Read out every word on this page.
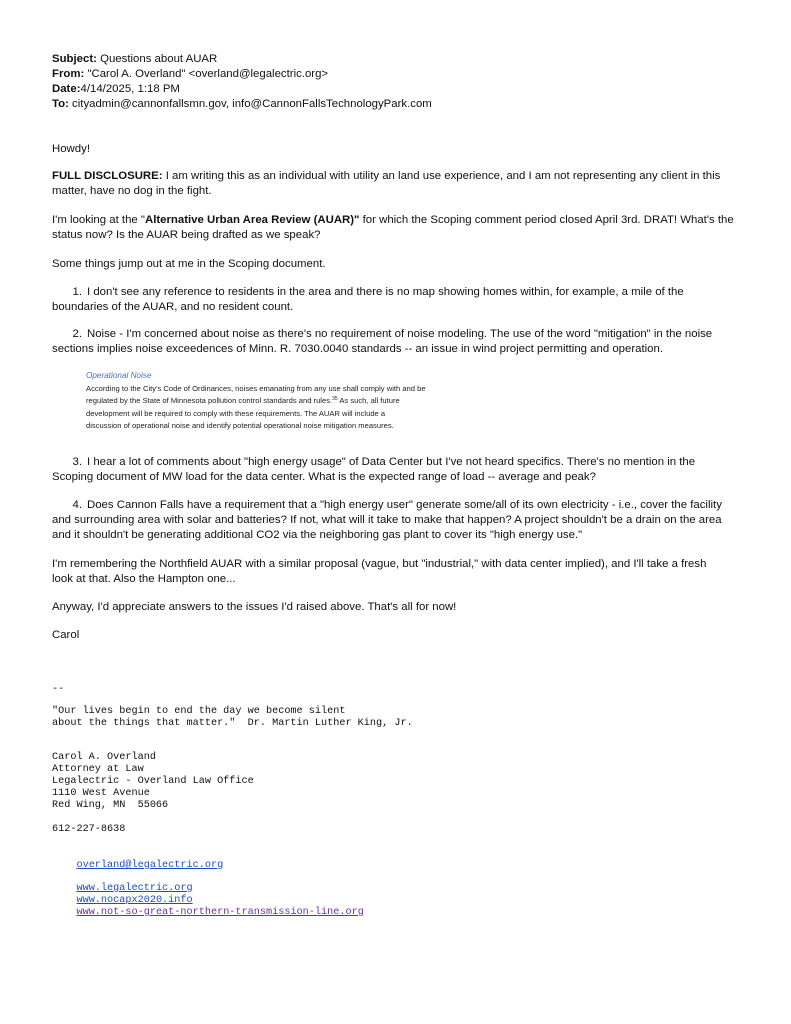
Subject: Questions about AUAR
From: "Carol A. Overland" <overland@legalectric.org>
Date:4/14/2025, 1:18 PM
To: cityadmin@cannonfallsmn.gov, info@CannonFallsTechnologyPark.com
Howdy!
FULL DISCLOSURE: I am writing this as an individual with utility an land use experience, and I am not representing any client in this
matter, have no dog in the fight.
I'm looking at the "Alternative Urban Area Review (AUAR)" for which the Scoping comment period closed April 3rd. DRAT! What's the
status now? Is the AUAR being drafted as we speak?
Some things jump out at me in the Scoping document.
1. I don't see any reference to residents in the area and there is no map showing homes within, for example, a mile of the
boundaries of the AUAR, and no resident count.
2. Noise - I'm concerned about noise as there's no requirement of noise modeling. The use of the word "mitigation" in the noise
sections implies noise exceedences of Minn. R. 7030.0040 standards -- an issue in wind project permitting and operation.
Operational Noise
According to the City's Code of Ordinances, noises emanating from any use shall comply with and be
regulated by the State of Minnesota pollution control standards and rules.$^{35}$ As such, all future
development will be required to comply with these requirements. The AUAR will include a
discussion of operational noise and identify potential operational noise mitigation measures.
3. I hear a lot of comments about "high energy usage" of Data Center but I've not heard specifics. There's no mention in the
Scoping document of MW load for the data center. What is the expected range of load -- average and peak?
4. Does Cannon Falls have a requirement that a "high energy user" generate some/all of its own electricity - i.e., cover the facility
and surrounding area with solar and batteries? If not, what will it take to make that happen? A project shouldn't be a drain on the area
and it shouldn't be generating additional CO2 via the neighboring gas plant to cover its "high energy use."
I'm remembering the Northfield AUAR with a similar proposal (vague, but "industrial," with data center implied), and I'll take a fresh
look at that. Also the Hampton one...
Anyway, I'd appreciate answers to the issues I'd raised above. That's all for now!
Carol
--
"Our lives begin to end the day we become silent
about the things that matter."  Dr. Martin Luther King, Jr.
Carol A. Overland
Attorney at Law
Legalectric - Overland Law Office
1110 West Avenue
Red Wing, MN  55066
612-227-8638

overland@legalectric.org

www.legalectric.org

www.nocapx2020.info

www.not-so-great-northern-transmission-line.org
